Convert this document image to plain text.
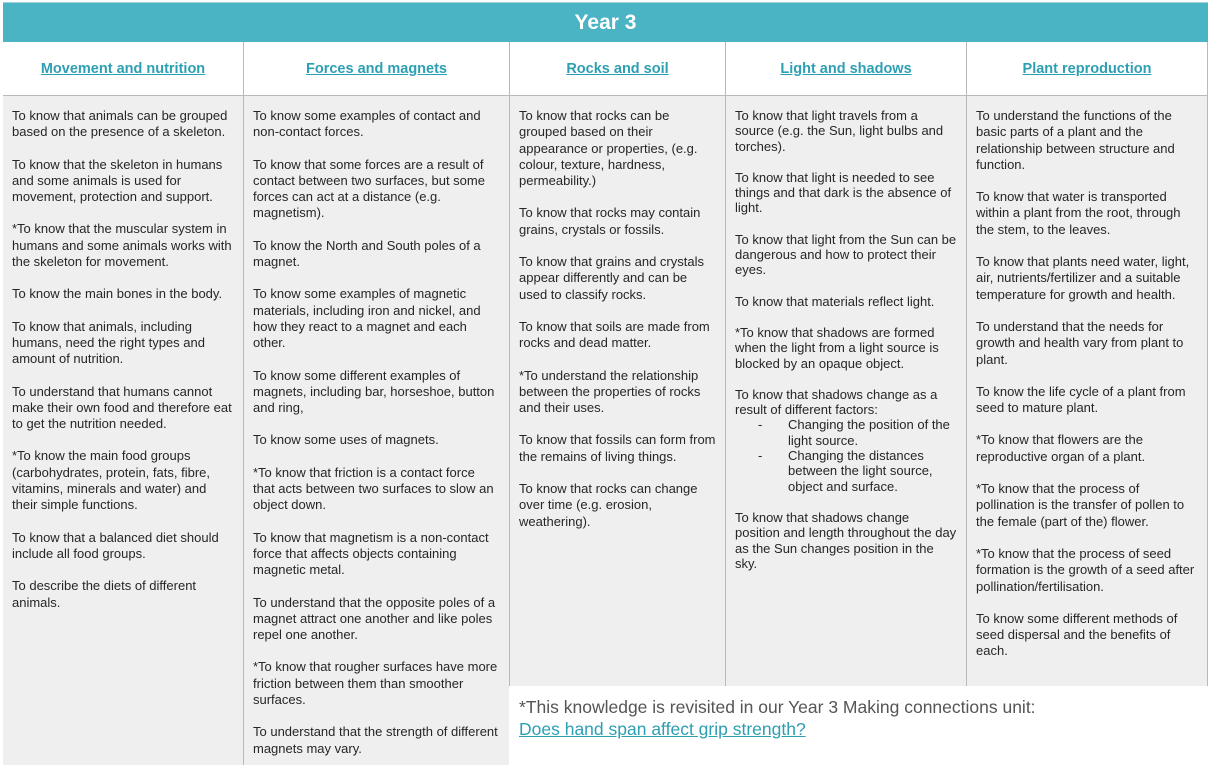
Year 3
Movement and nutrition

To know that animals can be grouped based on the presence of a skeleton.

To know that the skeleton in humans and some animals is used for movement, protection and support.

*To know that the muscular system in humans and some animals works with the skeleton for movement.

To know the main bones in the body.

To know that animals, including humans, need the right types and amount of nutrition.

To understand that humans cannot make their own food and therefore eat to get the nutrition needed.

*To know the main food groups (carbohydrates, protein, fats, fibre, vitamins, minerals and water) and their simple functions.

To know that a balanced diet should include all food groups.

To describe the diets of different animals.

Forces and magnets

To know some examples of contact and non-contact forces.

To know that some forces are a result of contact between two surfaces, but some forces can act at a distance (e.g. magnetism).

To know the North and South poles of a magnet.

To know some examples of magnetic materials, including iron and nickel, and how they react to a magnet and each other.

To know some different examples of magnets, including bar, horseshoe, button and ring,

To know some uses of magnets.

*To know that friction is a contact force that acts between two surfaces to slow an object down.

To know that magnetism is a non-contact force that affects objects containing magnetic metal.

To understand that the opposite poles of a magnet attract one another and like poles repel one another.

*To know that rougher surfaces have more friction between them than smoother surfaces.

To understand that the strength of different magnets may vary.

Rocks and soil

To know that rocks can be grouped based on their appearance or properties, (e.g. colour, texture, hardness, permeability.)

To know that rocks may contain grains, crystals or fossils.

To know that grains and crystals appear differently and can be used to classify rocks.

To know that soils are made from rocks and dead matter.

*To understand the relationship between the properties of rocks and their uses.

To know that fossils can form from the remains of living things.

To know that rocks can change over time (e.g. erosion, weathering).

Light and shadows

To know that light travels from a source (e.g. the Sun, light bulbs and torches).

To know that light is needed to see things and that dark is the absence of light.

To know that light from the Sun can be dangerous and how to protect their eyes.

To know that materials reflect light.

*To know that shadows are formed when the light from a light source is blocked by an opaque object.

To know that shadows change as a result of different factors:

- Changing the position of the light source.
- Changing the distances between the light source, object and surface.

To know that shadows change position and length throughout the day as the Sun changes position in the sky.

Plant reproduction

To understand the functions of the basic parts of a plant and the relationship between structure and function.

To know that water is transported within a plant from the root, through the stem, to the leaves.

To know that plants need water, light, air, nutrients/fertilizer and a suitable temperature for growth and health.

To understand that the needs for growth and health vary from plant to plant.

To know the life cycle of a plant from seed to mature plant.

*To know that flowers are the reproductive organ of a plant.

*To know that the process of pollination is the transfer of pollen to the female (part of the) flower.

*To know that the process of seed formation is the growth of a seed after pollination/fertilisation.

To know some different methods of seed dispersal and the benefits of each.

*This knowledge is revisited in our Year 3 Making connections unit:
Does hand span affect grip strength?
